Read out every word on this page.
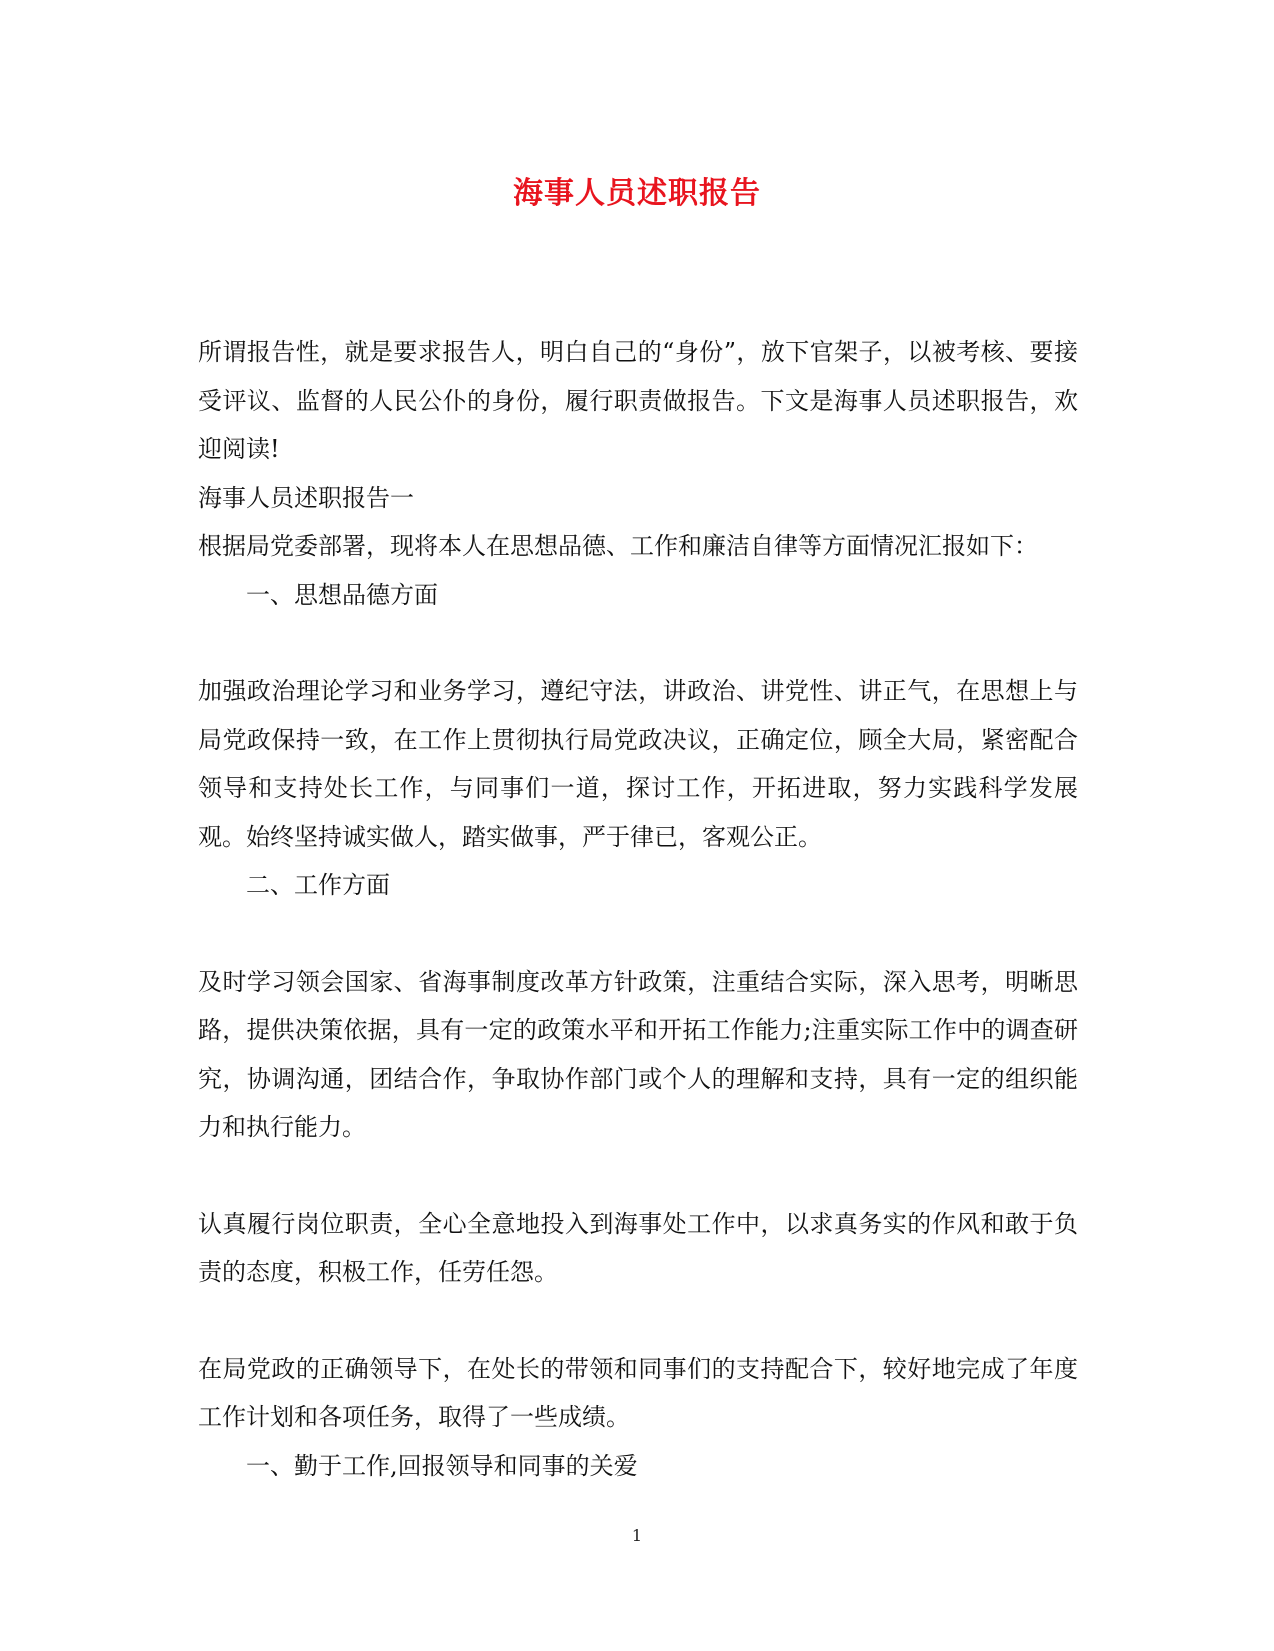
海事人员述职报告

所谓报告性，就是要求报告人，明白自己的“身份”，放下官架子，以被考核、要接受评议、监督的人民公仆的身份，履行职责做报告。下文是海事人员述职报告，欢迎阅读!

海事人员述职报告一

根据局党委部署，现将本人在思想品德、工作和廉洁自律等方面情况汇报如下：

一、思想品德方面

加强政治理论学习和业务学习，遵纪守法，讲政治、讲党性、讲正气，在思想上与局党政保持一致，在工作上贯彻执行局党政决议，正确定位，顾全大局，紧密配合领导和支持处长工作，与同事们一道，探讨工作，开拓进取，努力实践科学发展观。始终坚持诚实做人，踏实做事，严于律已，客观公正。

二、工作方面

及时学习领会国家、省海事制度改革方针政策，注重结合实际，深入思考，明晰思路，提供决策依据，具有一定的政策水平和开拓工作能力;注重实际工作中的调查研究，协调沟通，团结合作，争取协作部门或个人的理解和支持，具有一定的组织能力和执行能力。

认真履行岗位职责，全心全意地投入到海事处工作中，以求真务实的作风和敢于负责的态度，积极工作，任劳任怨。

在局党政的正确领导下，在处长的带领和同事们的支持配合下，较好地完成了年度工作计划和各项任务，取得了一些成绩。

一、勤于工作,回报领导和同事的关爱

1
